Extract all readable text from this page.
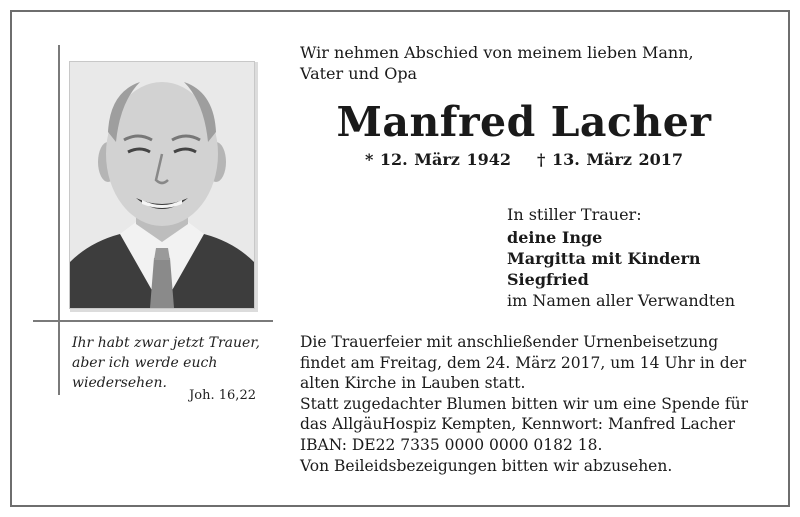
Ihr habt zwar jetzt Trauer,
aber ich werde euch
wiedersehen.
Joh. 16,22
Wir nehmen Abschied von meinem lieben Mann,
Vater und Opa
Manfred Lacher
* 12. März 1942 † 13. März 2017
In stiller Trauer:
deine Inge
Margitta mit Kindern
Siegfried
im Namen aller Verwandten
Die Trauerfeier mit anschließender Urnenbeisetzung
findet am Freitag, dem 24. März 2017, um 14 Uhr in der
alten Kirche in Lauben statt.
Statt zugedachter Blumen bitten wir um eine Spende für
das AllgäuHospiz Kempten, Kennwort: Manfred Lacher
IBAN: DE22 7335 0000 0000 0182 18.
Von Beileidsbezeigungen bitten wir abzusehen.
